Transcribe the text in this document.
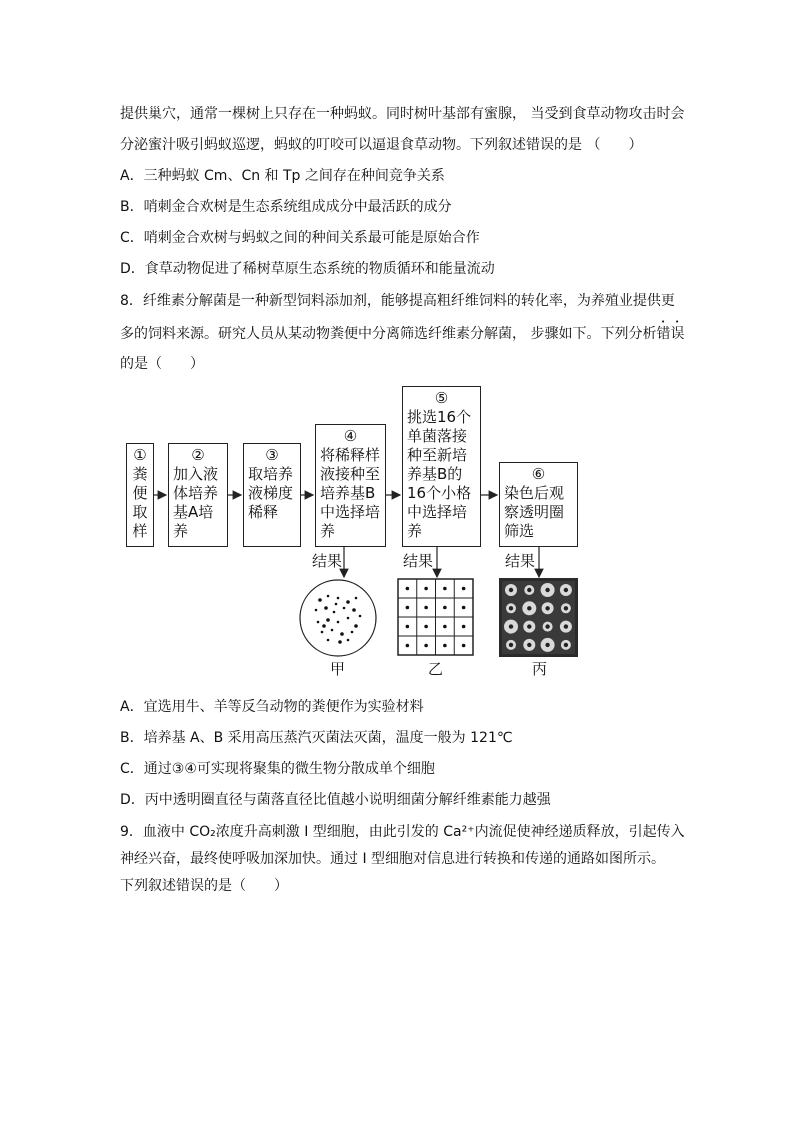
提供巢穴，通常一棵树上只存在一种蚂蚁。同时树叶基部有蜜腺， 当受到食草动物攻击时会
分泌蜜汁吸引蚂蚁巡逻，蚂蚁的叮咬可以逼退食草动物。下列叙述错误的是 （　　）
A．三种蚂蚁 Cm、Cn 和 Tp 之间存在种间竞争关系
B．哨刺金合欢树是生态系统组成成分中最活跃的成分
C．哨刺金合欢树与蚂蚁之间的种间关系最可能是原始合作
D．食草动物促进了稀树草原生态系统的物质循环和能量流动
8．纤维素分解菌是一种新型饲料添加剂，能够提高粗纤维饲料的转化率，为养殖业提供更
多的饲料来源。研究人员从某动物粪便中分离筛选纤维素分解菌， 步骤如下。下列分析错误
的是（　　）
①
粪便取样
②
加入液体培养基A培养
③
取培养液梯度稀释
④
将稀释样液接种至培养基B中选择培养
⑤
挑选16个单菌落接种至新培养基B的16个小格中选择培养
⑥
染色后观察透明圈筛选
结果	结果	结果
甲	乙	丙
A．宜选用牛、羊等反刍动物的粪便作为实验材料
B．培养基 A、B 采用高压蒸汽灭菌法灭菌，温度一般为 121℃
C．通过③④可实现将聚集的微生物分散成单个细胞
D．丙中透明圈直径与菌落直径比值越小说明细菌分解纤维素能力越强
9．血液中 CO₂浓度升高刺激 I 型细胞，由此引发的 Ca²⁺内流促使神经递质释放，引起传入
神经兴奋，最终使呼吸加深加快。通过 I 型细胞对信息进行转换和传递的通路如图所示。
下列叙述错误的是（　　）
